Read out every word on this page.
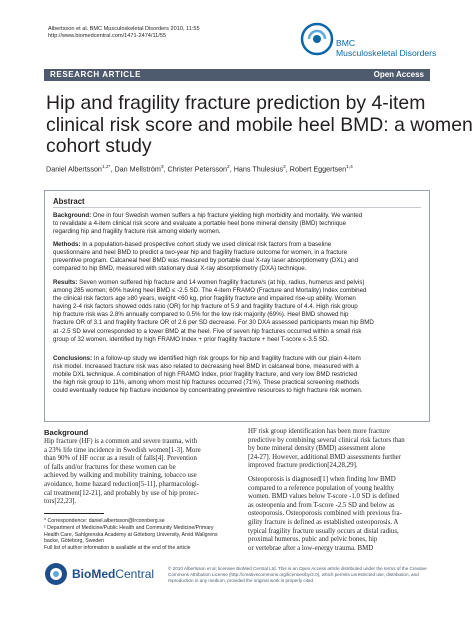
Albertsson et al. BMC Musculoskeletal Disorders 2010, 11:55
http://www.biomedcentral.com/1471-2474/11/55
BMC
Musculoskeletal Disorders
RESEARCH ARTICLE	Open Access
Hip and fragility fracture prediction by 4-item
clinical risk score and mobile heel BMD: a women
cohort study
Daniel Albertsson$^{1,2*}$, Dan Mellström$^3$, Christer Petersson$^2$, Hans Thulesius$^2$, Robert Eggertsen$^{1,4}$
Abstract

Background: One in four Swedish women suffers a hip fracture yielding high morbidity and mortality. We wanted
to revalidate a 4-item clinical risk score and evaluate a portable heel bone mineral density (BMD) technique
regarding hip and fragility fracture risk among elderly women.

Methods: In a population-based prospective cohort study we used clinical risk factors from a baseline
questionnaire and heel BMD to predict a two-year hip and fragility fracture outcome for women, in a fracture
preventive program. Calcaneal heel BMD was measured by portable dual X-ray laser absorptiometry (DXL) and
compared to hip BMD, measured with stationary dual X-ray absorptiometry (DXA) technique.

Results: Seven women suffered hip fracture and 14 women fragility fracture/s (at hip, radius, humerus and pelvis)
among 285 women; 60% having heel BMD ≤ -2.5 SD. The 4-item FRAMO (Fracture and Mortality) Index combined
the clinical risk factors age ≥80 years, weight <60 kg, prior fragility fracture and impaired rise-up ability. Women
having 2-4 risk factors showed odds ratio (OR) for hip fracture of 5.9 and fragility fracture of 4.4. High risk group
hip fracture risk was 2.8% annually compared to 0.5% for the low risk majority (69%). Heel BMD showed hip
fracture OR of 3.1 and fragility fracture OR of 2.6 per SD decrease. For 30 DXA assessed participants mean hip BMD
at -2.5 SD level corresponded to a lower BMD at the heel. Five of seven hip fractures occurred within a small risk
group of 32 women, identified by high FRAMO Index + prior fragility fracture + heel T-score ≤-3.5 SD.

Conclusions: In a follow-up study we identified high risk groups for hip and fragility fracture with our plain 4-item
risk model. Increased fracture risk was also related to decreasing heel BMD in calcaneal bone, measured with a
mobile DXL technique. A combination of high FRAMO Index, prior fragility fracture, and very low BMD restricted
the high risk group to 11%, among whom most hip fractures occurred (71%). These practical screening methods
could eventually reduce hip fracture incidence by concentrating preventive resources to high fracture risk women.

Background
Hip fracture (HF) is a common and severe trauma, with
a 23% life time incidence in Swedish women[1-3]. More
than 90% of HF occur as a result of falls[4]. Prevention
of falls and/or fractures for these women can be
achieved by walking and mobility training, tobacco use
avoidance, home hazard reduction[5-11], pharmacologi-
cal treatment[12-21], and probably by use of hip protec-
tors[22,23].
* Correspondence: daniel.albertsson@lrconnberg.se
¹ Department of Medicine/Public Health and Community Medicine/Primary
Health Care, Sahlgrenska Academy at Göteborg University, Arvid Wallgrens
backe, Göteborg, Sweden
Full list of author information is available at the end of the article
HF risk group identification has been more fracture
predictive by combining several clinical risk factors than
by bone mineral density (BMD) assessment alone
[24-27]. However, additional BMD assessments further
improved fracture prediction[24,28,29].
Osteoporosis is diagnosed[1] when finding low BMD
compared to a reference population of young healthy
women. BMD values below T-score -1.0 SD is defined
as osteopenia and from T-score -2.5 SD and below as
osteoporosis. Osteoporosis combined with previous fra-
gility fracture is defined as established osteoporosis. A
typical fragility fracture usually occurs at distal radius,
proximal humerus, pubic and pelvic bones, hip
or vertebrae after a low-energy trauma. BMD
BioMedCentral	© 2010 Albertsson et al; licensee BioMed Central Ltd. This is an Open Access article distributed under the terms of the Creative
Commons Attribution License (http://creativecommons.org/licenses/by/2.0), which permits unrestricted use, distribution, and
reproduction in any medium, provided the original work is properly cited.
